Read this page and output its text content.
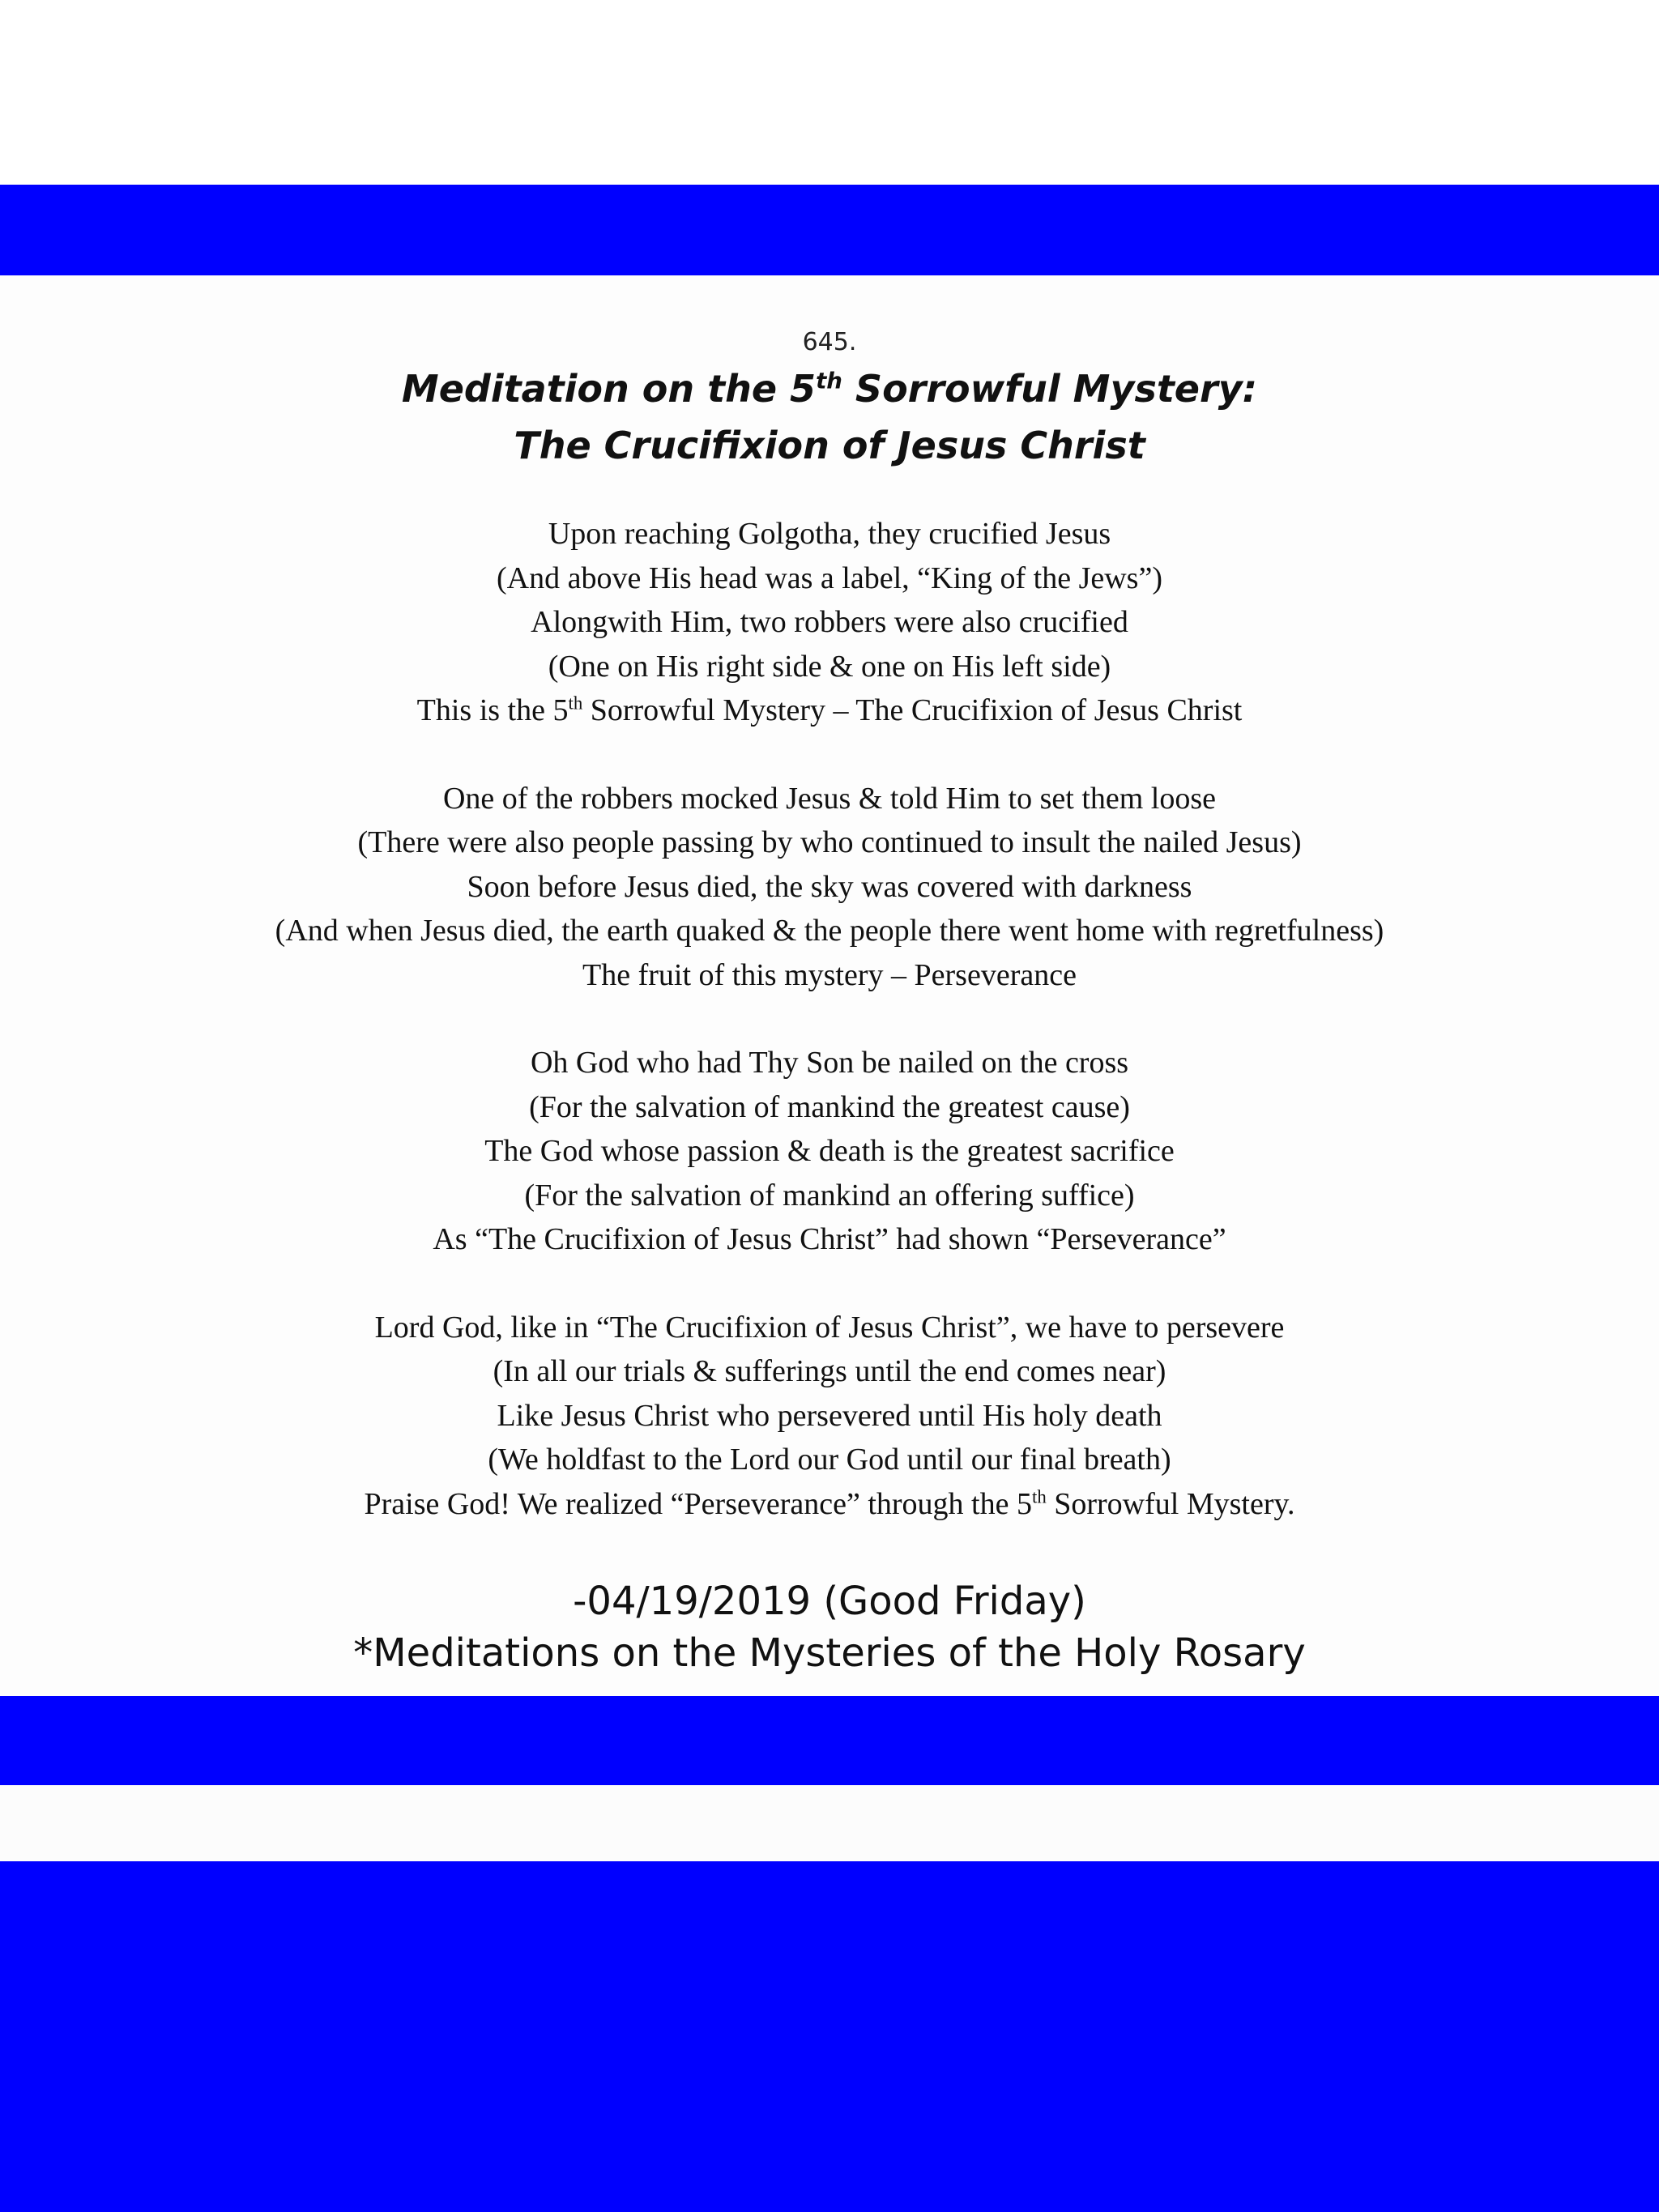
645.
Meditation on the 5th Sorrowful Mystery:
The Crucifixion of Jesus Christ
Upon reaching Golgotha, they crucified Jesus
(And above His head was a label, “King of the Jews”)
Alongwith Him, two robbers were also crucified
(One on His right side & one on His left side)
This is the 5th Sorrowful Mystery – The Crucifixion of Jesus Christ
One of the robbers mocked Jesus & told Him to set them loose
(There were also people passing by who continued to insult the nailed Jesus)
Soon before Jesus died, the sky was covered with darkness
(And when Jesus died, the earth quaked & the people there went home with regretfulness)
The fruit of this mystery – Perseverance
Oh God who had Thy Son be nailed on the cross
(For the salvation of mankind the greatest cause)
The God whose passion & death is the greatest sacrifice
(For the salvation of mankind an offering suffice)
As “The Crucifixion of Jesus Christ” had shown “Perseverance”
Lord God, like in “The Crucifixion of Jesus Christ”, we have to persevere
(In all our trials & sufferings until the end comes near)
Like Jesus Christ who persevered until His holy death
(We holdfast to the Lord our God until our final breath)
Praise God! We realized “Perseverance” through the 5th Sorrowful Mystery.
-04/19/2019 (Good Friday)
*Meditations on the Mysteries of the Holy Rosary
